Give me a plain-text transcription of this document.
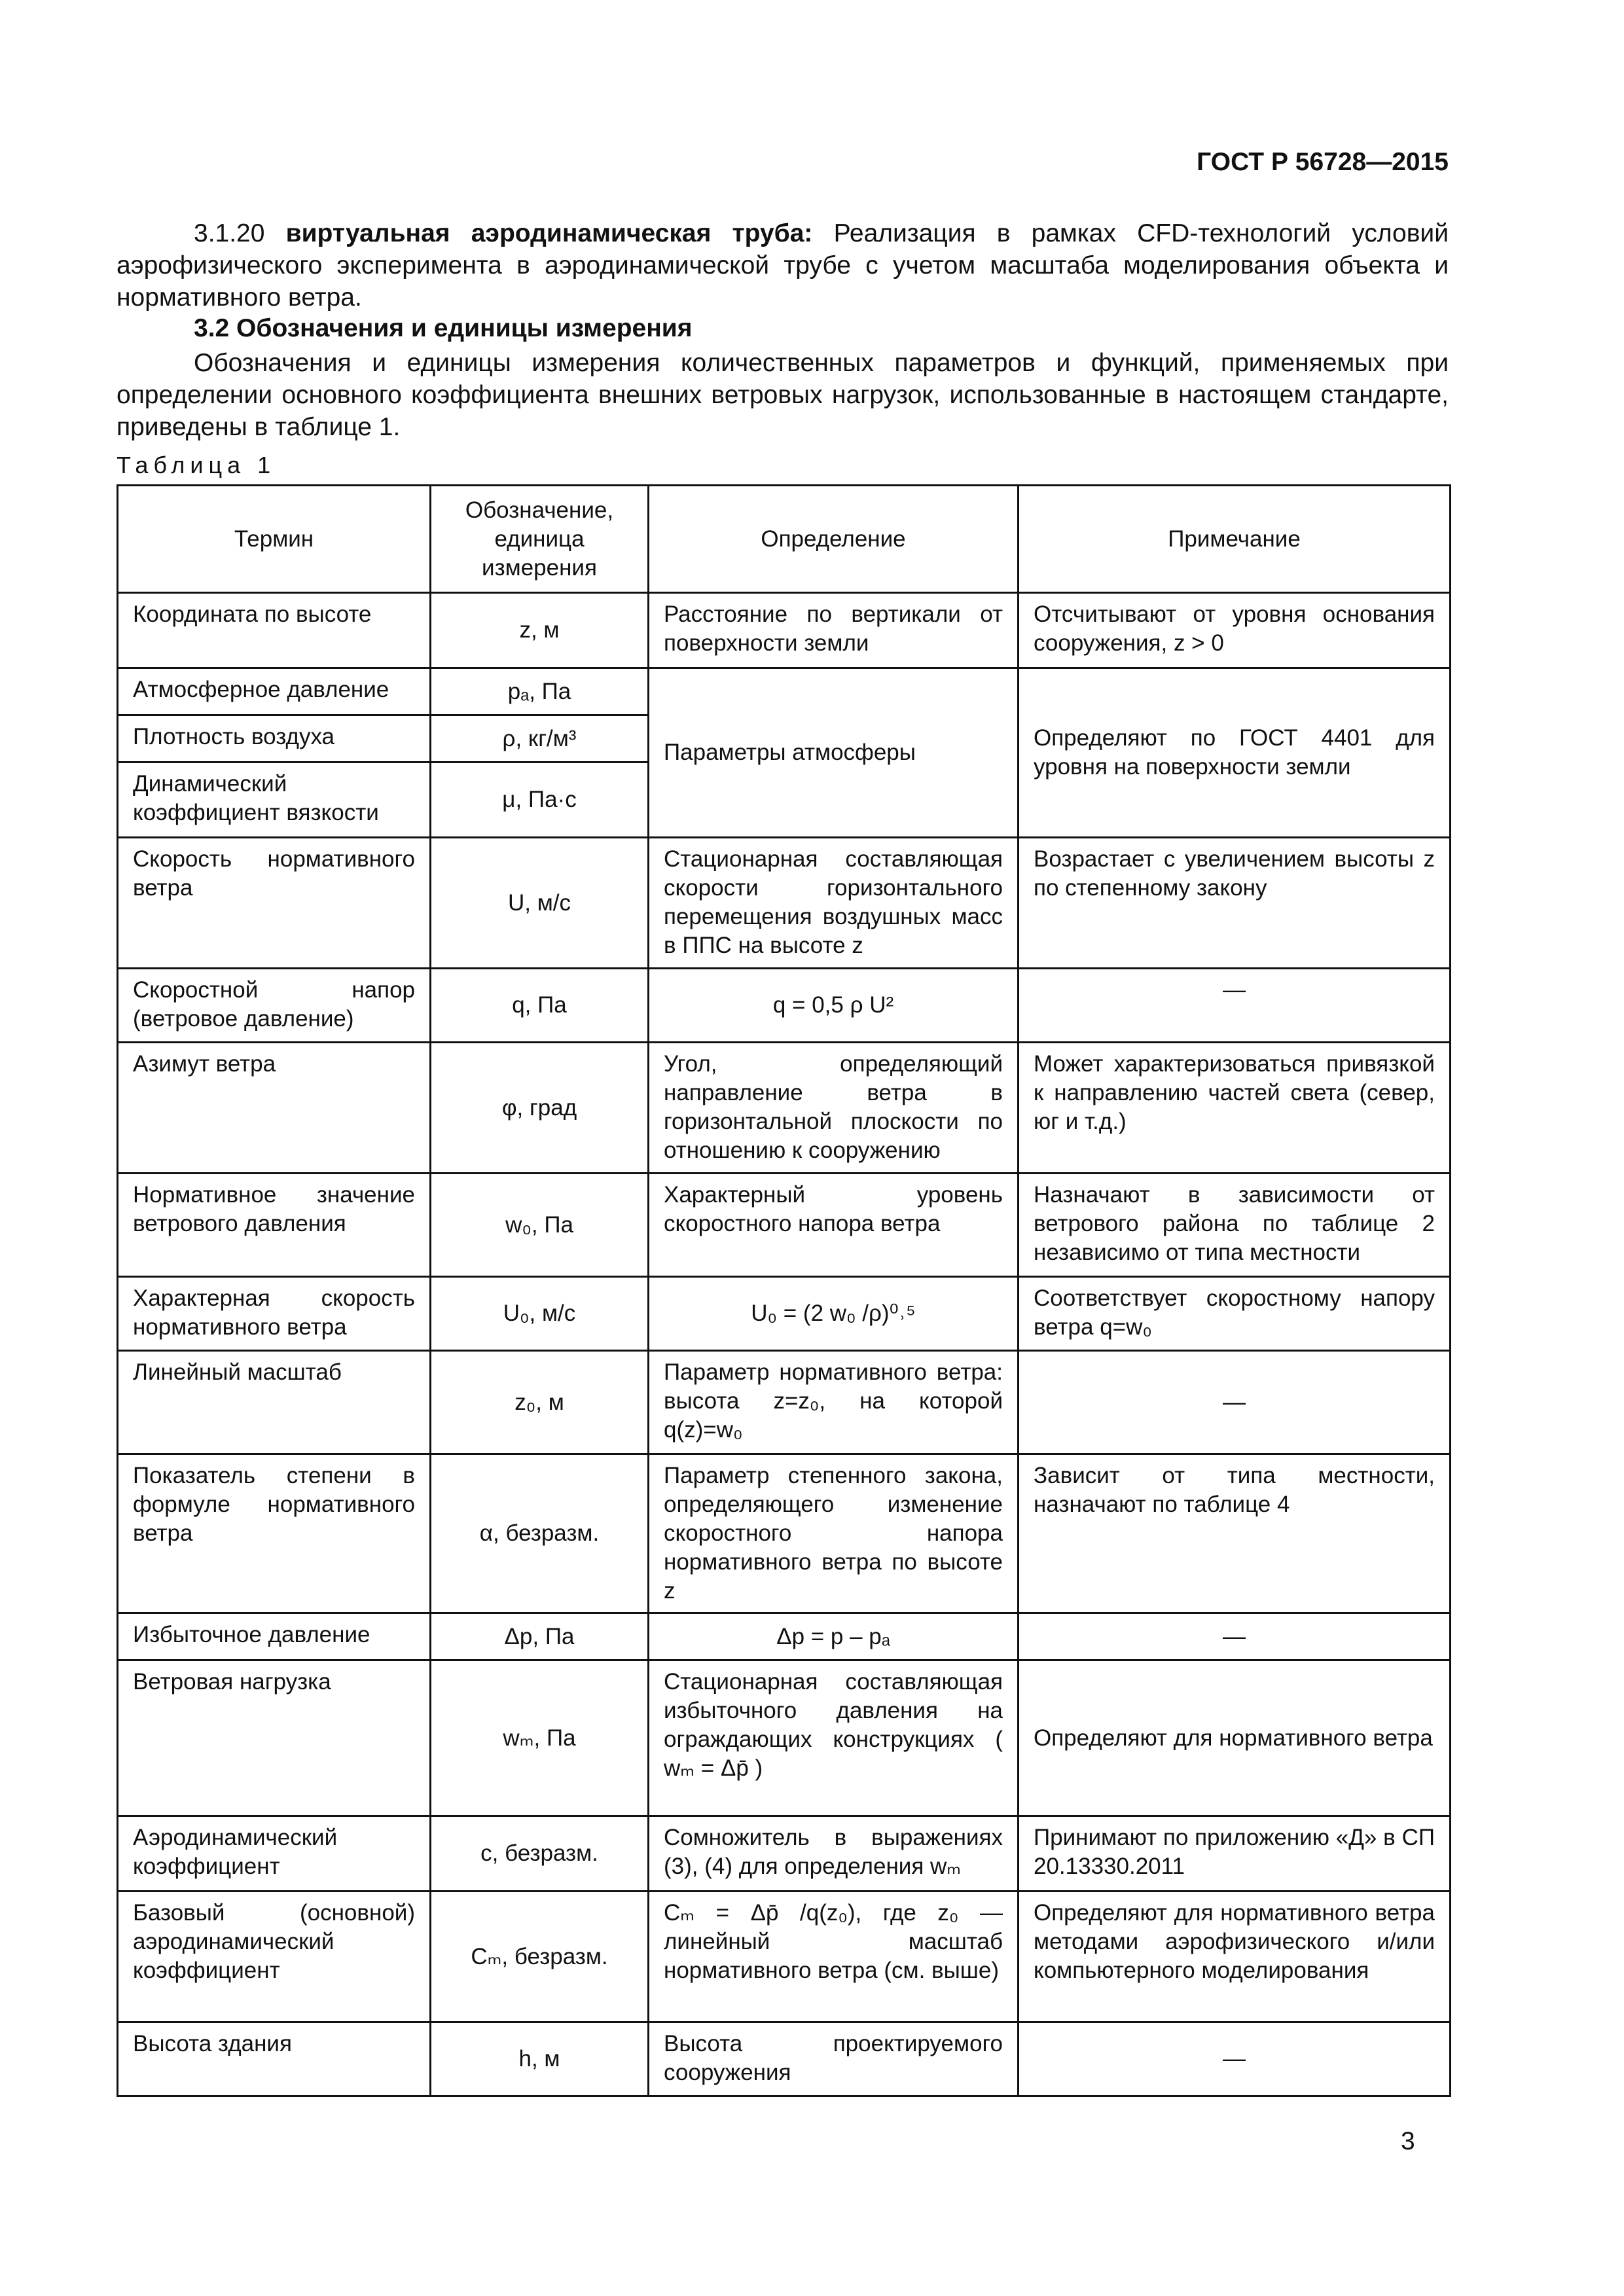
ГОСТ Р 56728—2015
3.1.20 виртуальная аэродинамическая труба: Реализация в рамках CFD-технологий условий аэрофизического эксперимента в аэродинамической трубе с учетом масштаба моделирования объекта и нормативного ветра.
3.2 Обозначения и единицы измерения
Обозначения и единицы измерения количественных параметров и функций, применяемых при определении основного коэффициента внешних ветровых нагрузок, использованные в настоящем стандарте, приведены в таблице 1.
Таблица 1
Термин	Обозначение, единица измерения	Определение	Примечание
Координата по высоте	z, м	Расстояние по вертикали от поверхности земли	Отсчитывают от уровня основания сооружения, z > 0
Атмосферное давление	pₐ, Па	Параметры атмосферы	Определяют по ГОСТ 4401 для уровня на поверхности земли
Плотность воздуха	ρ, кг/м³		
Динамический коэффициент вязкости	μ, Па·с		
Скорость нормативного ветра	U, м/с	Стационарная составляющая скорости горизонтального перемещения воздушных масс в ППС на высоте z	Возрастает с увеличением высоты z по степенному закону
Скоростной напор (ветровое давление)	q, Па	q = 0,5 ρ U²	—
Азимут ветра	φ, град	Угол, определяющий направление ветра в горизонтальной плоскости по отношению к сооружению	Может характеризоваться привязкой к направлению частей света (север, юг и т.д.)
Нормативное значение ветрового давления	w₀, Па	Характерный уровень скоростного напора ветра	Назначают в зависимости от ветрового района по таблице 2 независимо от типа местности
Характерная скорость нормативного ветра	U₀, м/с	U₀ = (2 w₀ /ρ)⁰˒⁵	Соответствует скоростному напору ветра q=w₀
Линейный масштаб	z₀, м	Параметр нормативного ветра: высота z=z₀, на которой q(z)=w₀	—
Показатель степени в формуле нормативного ветра	α, безразм.	Параметр степенного закона, определяющего изменение скоростного напора нормативного ветра по высоте z	Зависит от типа местности, назначают по таблице 4
Избыточное давление	Δp, Па	Δp = p – pₐ	—
Ветровая нагрузка	wₘ, Па	Стационарная составляющая избыточного давления на ограждающих конструкциях ( wₘ = Δp̄ )	Определяют для нормативного ветра
Аэродинамический коэффициент	c, безразм.	Сомножитель в выражениях (3), (4) для определения wₘ	Принимают по приложению «Д» в СП 20.13330.2011
Базовый (основной) аэродинамический коэффициент	Cₘ, безразм.	Cₘ = Δp̄ /q(z₀), где z₀ — линейный масштаб нормативного ветра (см. выше)	Определяют для нормативного ветра методами аэрофизического и/или компьютерного моделирования
Высота здания	h, м	Высота проектируемого сооружения	—
3
